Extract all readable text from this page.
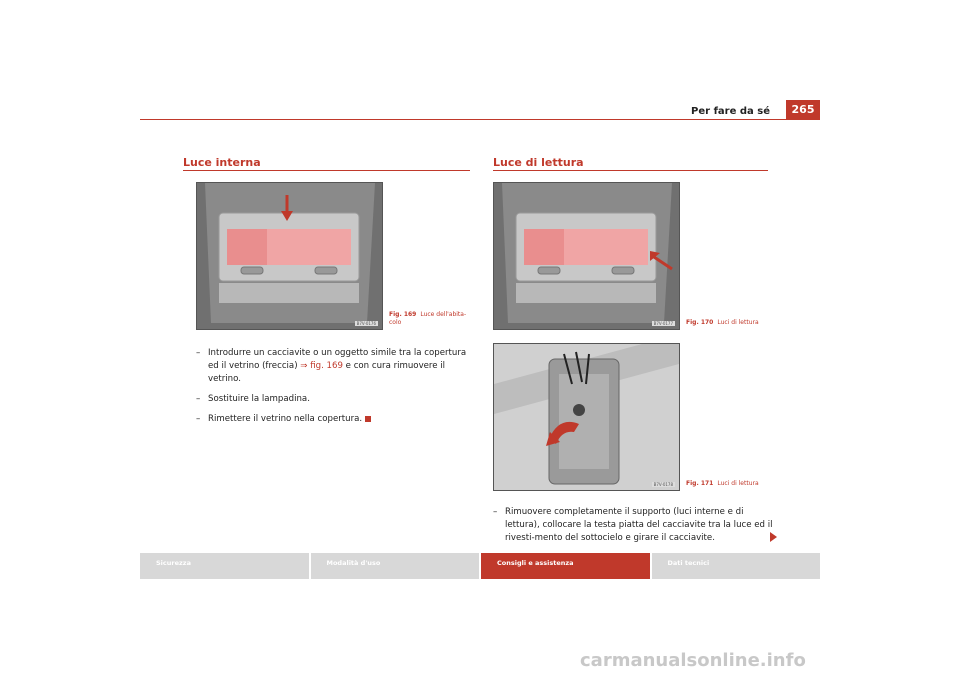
Per fare da sé	265
Luce interna
B7V-0176
Fig. 169 Luce dell'abita-
colo
– Introdurre un cacciavite o un oggetto simile tra la copertura ed il vetrino (freccia) ⇒ fig. 169 e con cura rimuovere il vetrino.
– Sostituire la lampadina.
– Rimettere il vetrino nella copertura.
Luce di lettura
B7V-0177	Fig. 170 Luci di lettura
B7V-0178	Fig. 171 Luci di lettura
– Rimuovere completamente il supporto (luci interne e di lettura), collocare la testa piatta del cacciavite tra la luce ed il rivesti-mento del sottocielo e girare il cacciavite.
Sicurezza	Modalità d'uso	Consigli e assistenza	Dati tecnici
carmanualsonline.info
